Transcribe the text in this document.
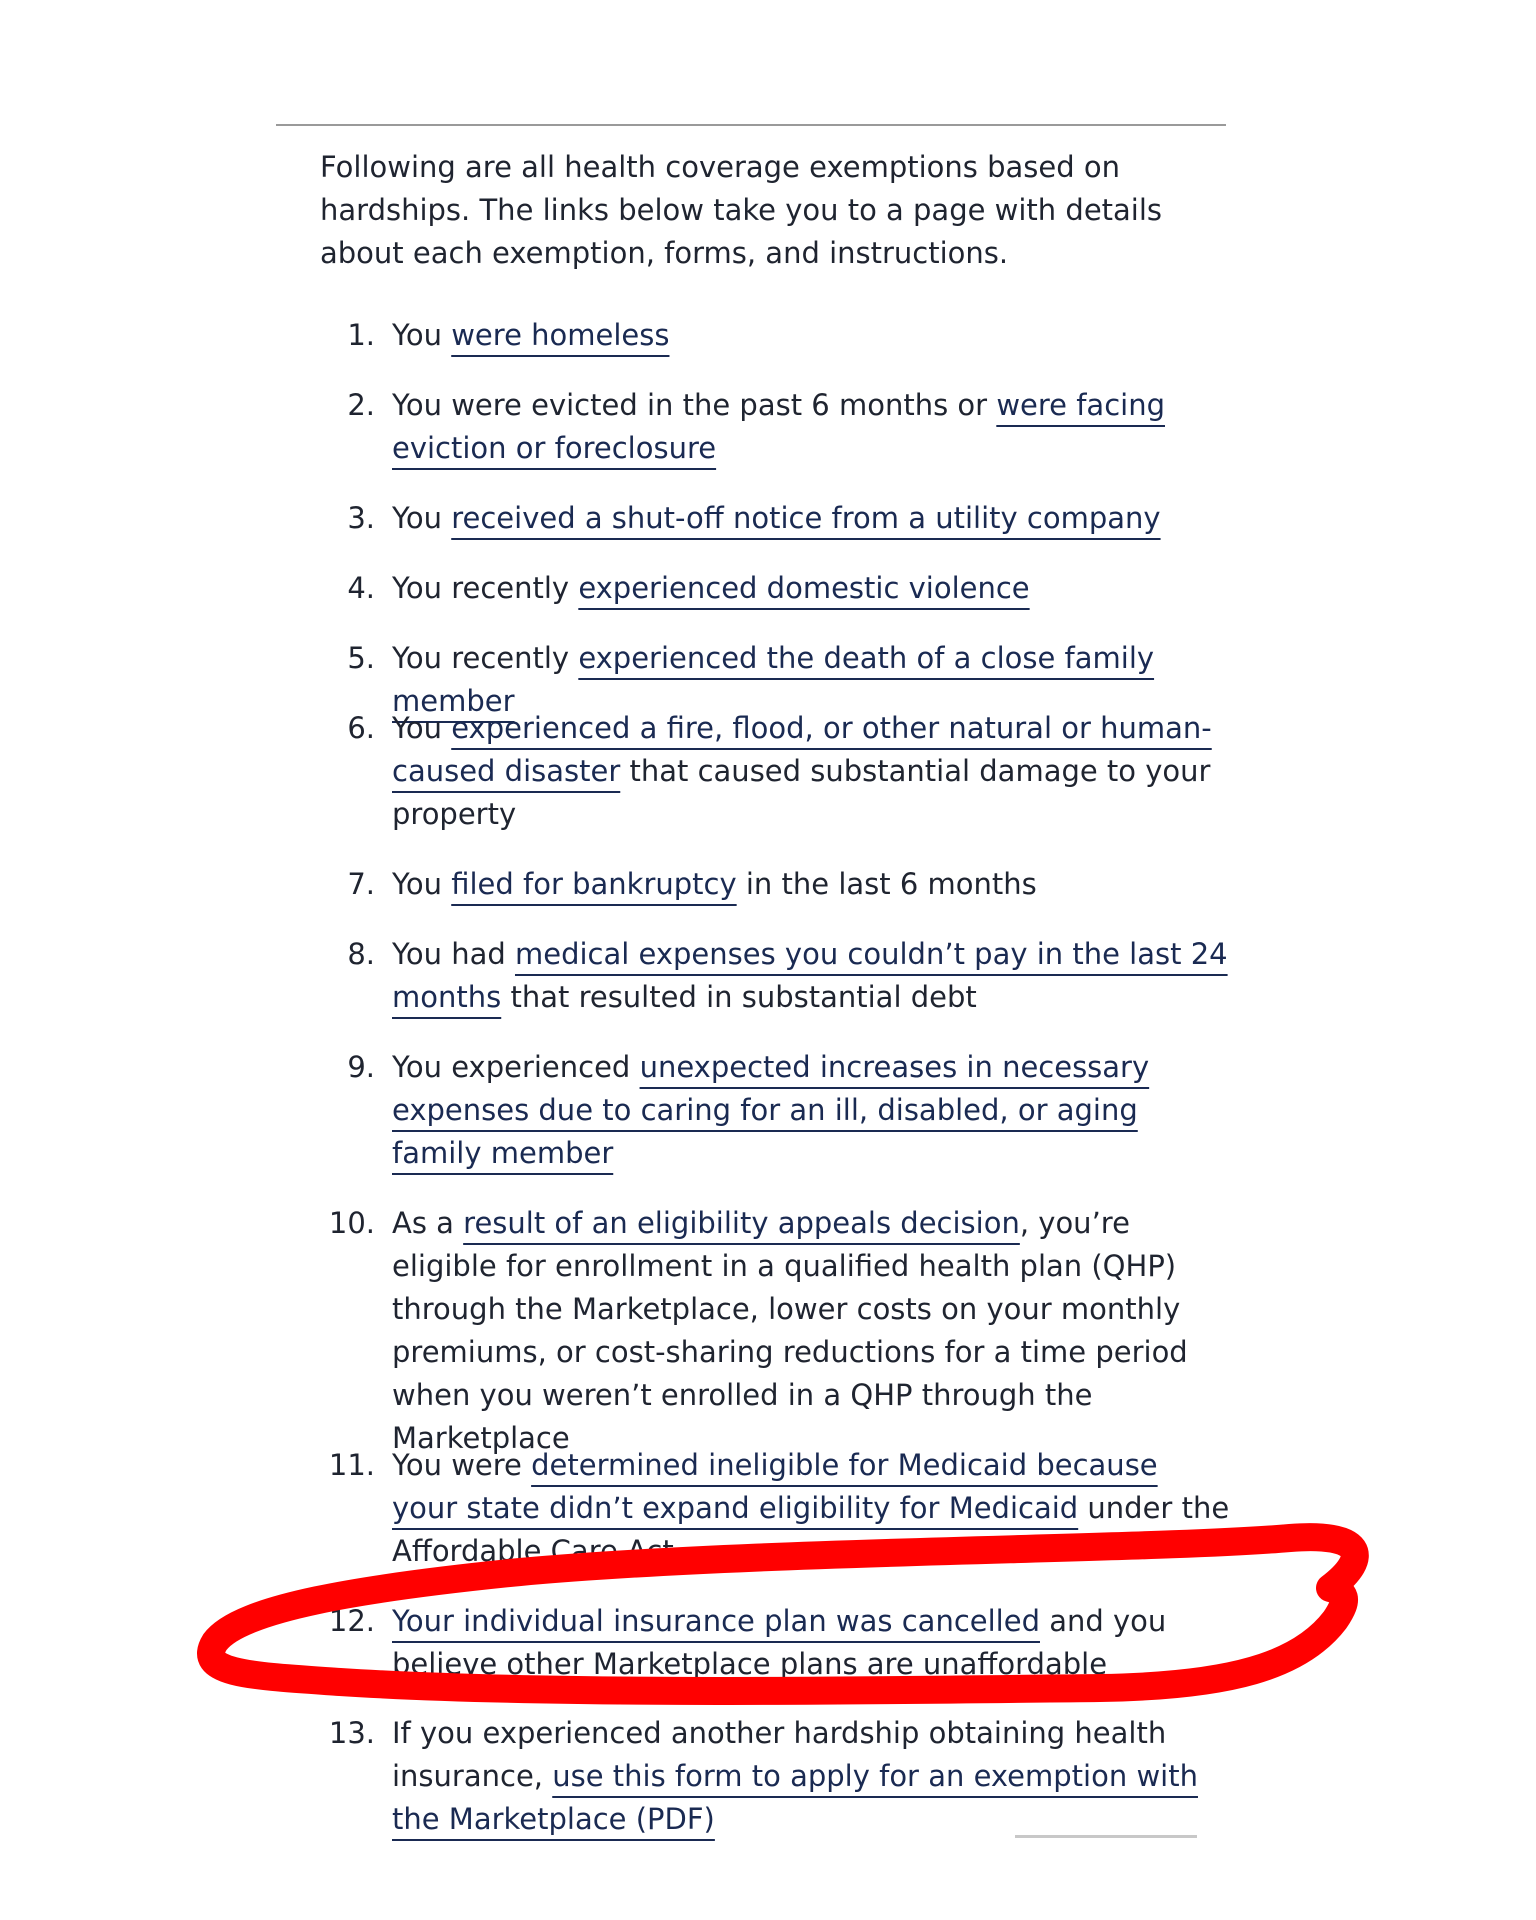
Following are all health coverage exemptions based on hardships. The links below take you to a page with details about each exemption, forms, and instructions.

1. You were homeless
2. You were evicted in the past 6 months or were facing eviction or foreclosure
3. You received a shut-off notice from a utility company
4. You recently experienced domestic violence
5. You recently experienced the death of a close family member
6. You experienced a fire, flood, or other natural or human-caused disaster that caused substantial damage to your property
7. You filed for bankruptcy in the last 6 months
8. You had medical expenses you couldn’t pay in the last 24 months that resulted in substantial debt
9. You experienced unexpected increases in necessary expenses due to caring for an ill, disabled, or aging family member
10. As a result of an eligibility appeals decision, you’re eligible for enrollment in a qualified health plan (QHP) through the Marketplace, lower costs on your monthly premiums, or cost-sharing reductions for a time period when you weren’t enrolled in a QHP through the Marketplace
11. You were determined ineligible for Medicaid because your state didn’t expand eligibility for Medicaid under the Affordable Care Act
12. Your individual insurance plan was cancelled and you believe other Marketplace plans are unaffordable
13. If you experienced another hardship obtaining health insurance, use this form to apply for an exemption with the Marketplace (PDF)
